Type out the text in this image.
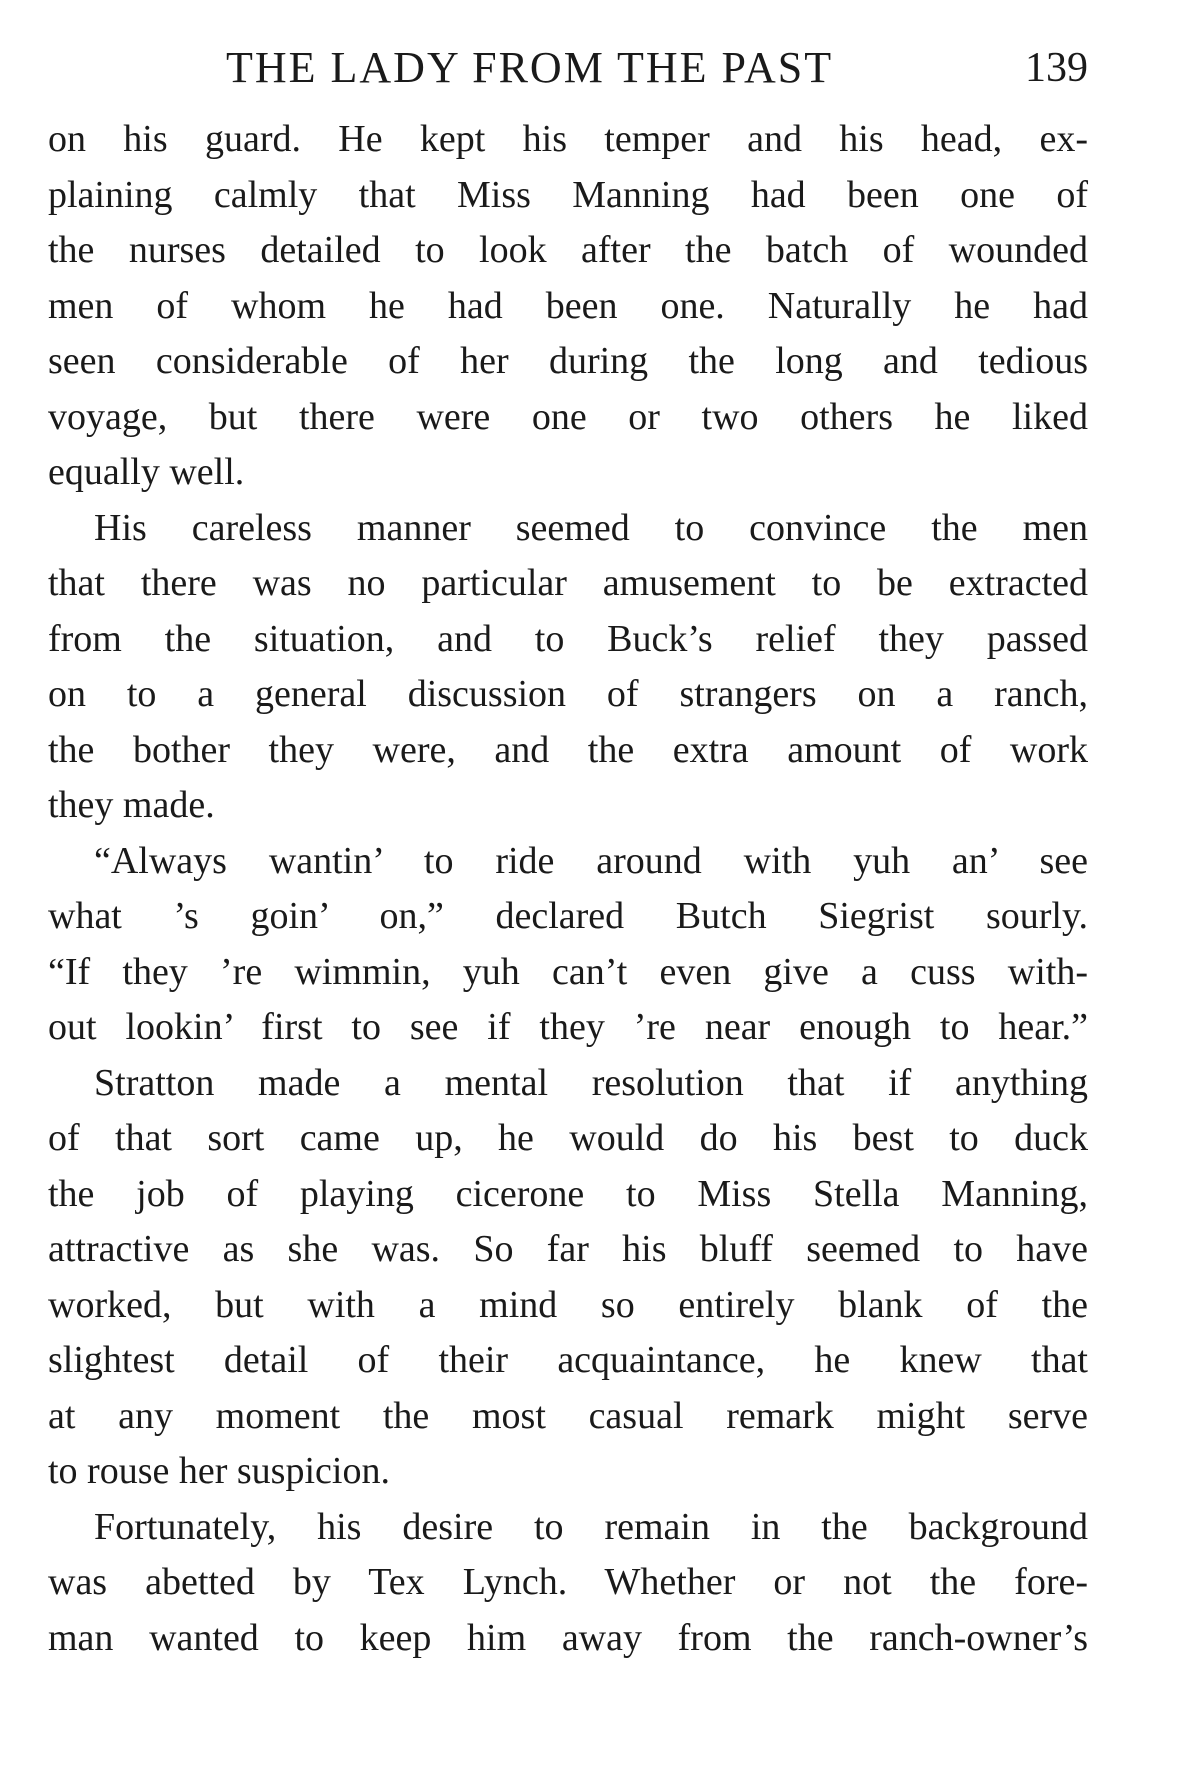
THE LADY FROM THE PAST	139
on his guard. He kept his temper and his head, ex-
plaining calmly that Miss Manning had been one of
the nurses detailed to look after the batch of wounded
men of whom he had been one. Naturally he had
seen considerable of her during the long and tedious
voyage, but there were one or two others he liked
equally well.
His careless manner seemed to convince the men
that there was no particular amusement to be extracted
from the situation, and to Buck’s relief they passed
on to a general discussion of strangers on a ranch,
the bother they were, and the extra amount of work
they made.
“Always wantin’ to ride around with yuh an’ see
what ’s goin’ on,” declared Butch Siegrist sourly.
“If they ’re wimmin, yuh can’t even give a cuss with-
out lookin’ first to see if they ’re near enough to hear.”
Stratton made a mental resolution that if anything
of that sort came up, he would do his best to duck
the job of playing cicerone to Miss Stella Manning,
attractive as she was. So far his bluff seemed to have
worked, but with a mind so entirely blank of the
slightest detail of their acquaintance, he knew that
at any moment the most casual remark might serve
to rouse her suspicion.
Fortunately, his desire to remain in the background
was abetted by Tex Lynch. Whether or not the fore-
man wanted to keep him away from the ranch-owner’s
